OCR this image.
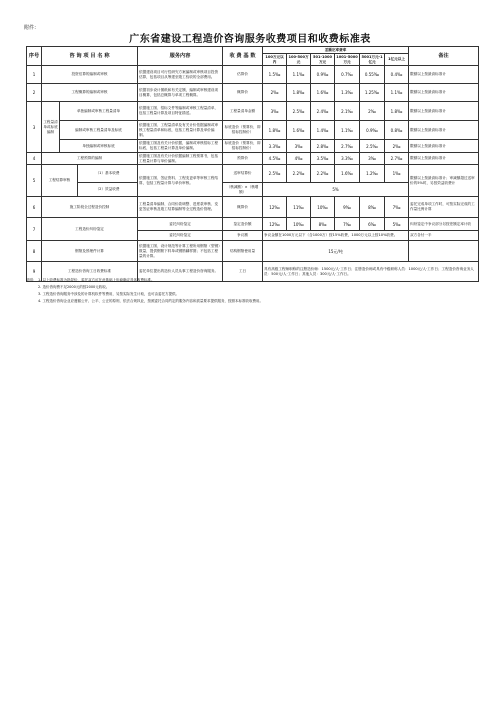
附件：
广东省建设工程造价咨询服务收费项目和收费标准表
序号	咨 询 项 目 名 称			服务内容	收 费 基 数	差额定率费率						备注
						100万元以内	100-500万元	501-1000万元	1001-5000万元	5001万元-1亿元	1亿元以上	
1	投资估算的编制或审核			依据建设项目可行性研究方案编制或审核项目投资估算，包括项目从筹建至竣工验收的全部费用。	估算价	1.5‰	1.1‰	0.9‰	0.7‰	0.55‰	0.4‰	限额以上按最高标准计
2	工程概算的编制或审核			依据初步设计图纸和有关定额，编制或审核建设项目概算，包括总概算与单项工程概算。	概算价	2‰	1.8‰	1.6‰	1.3‰	1.25‰	1.1‰	限额以上按最高标准计
3	工程量清单或标底编制	单独编制或审核工程量清单		依据施工图、招标文件等编制或审核工程量清单，包括工程量计算及项目特征描述。	工程量清单金额	3‰	2.5‰	2.4‰	2.1‰	2‰	1.8‰	限额以上按最高标准计
		编制或审核工程量清单及标底		依据施工图、工程量清单及有关计价依据编制或审核工程量清单和标底，包括工程量计算及单价编制。	标底造价（预算价，即招标控制价）	1.8‰	1.6‰	1.4‰	1.1‰	0.9‰	0.8‰	限额以上按最高标准计
		单独编制或审核标底		依据施工图及有关计价依据，编制或审核招标工程标底，包括工程量计算及单价编制。	标底造价（预算价，即招标控制价）	3.3‰	3‰	2.8‰	2.7‰	2.5‰	2‰	限额以上按最高标准计
4	工程预算的编制			依据施工图及有关计价依据编制工程预算书，包括工程量计算与单价编制。	预算价	4.5‰	4‰	3.5‰	3.3‰	3‰	2.7‰	限额以上按最高标准计
5	工程结算审核		（1）基本收费	依据施工图、签证资料、工程变更单等审核工程结算，包括工程量计算与单价审核。	送审结算价	2.5‰	2.2‰	2.2‰	1.6‰	1.2‰	1‰	限额以上按最高标准计；审减额超过送审价的5%时，另按效益收费计
			（2）效益收费		（核减额）×（核增额）	5%						
6	施工阶段全过程造价控制			工程量清单编制、合同价款调整、进度款审核、变更签证审核及竣工结算编制等全过程造价管理。	概算价	12‰	11‰	10‰	9‰	8‰	7‰	委托完成单项工作时，可按实际完成的工作量比例计算
7	工程造价纠纷鉴定			委托纠纷鉴定	鉴定造价额	12‰	10‰	8‰	7‰	6‰	5‰	纠纷鉴定中争议部分另按差额定率计收
				委托纠纷鉴定	争议额	争议金额在1000万元以下（含1000万）按15%收费，1000万元以上按10%收费。						双方各付一半
8	钢筋及预埋件计算			依据施工图、设计规范等计算工程所用钢筋（型钢）数量，提供钢筋下料单或钢筋翻样图；不包括工程量的计算。	结构钢筋使用量	15元/吨						
9	工程造价咨询工日收费标准			委托单位提出的造价人员从事工程造价咨询服务。	工日	具有高级工程师职称的注册造价师：1500元/人·工作日；注册造价师或具有中级职称人员：1000元/人·工作日；工程造价咨询业务人员：500元/人·工作日；其他人员：300元/人·工作日。						
说明： 1. 以上收费标准为指导价，委托双方可在此基础上协商确定具体收费标准。
2. 造价咨询费不足2000元的按2000元收取。
3. 工程造价咨询服务中涉及的计算机软件等费用，另按实际发生计取，也可由委托方提供。
4. 工程造价咨询企业应遵循公开、公平、公正的原则，依法合规执业，按照委托合同约定的服务内容和质量要求提供服务，按照本标准收取费用。
